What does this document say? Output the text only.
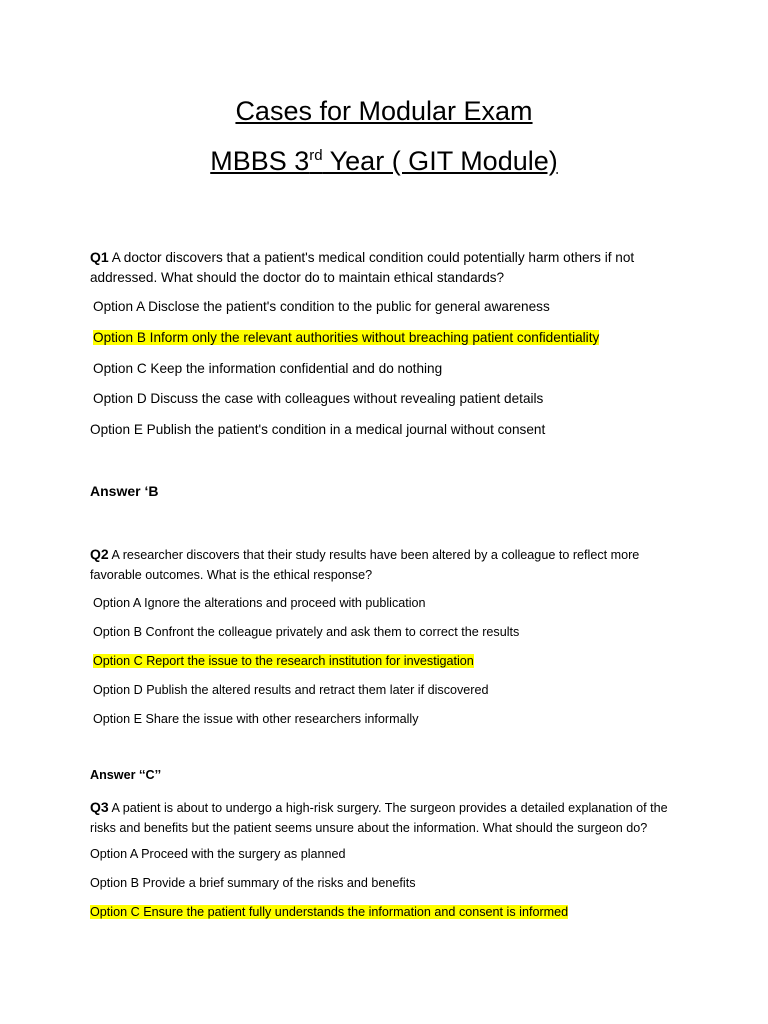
Cases for Modular Exam
MBBS 3rd Year ( GIT Module)
Q1 A doctor discovers that a patient's medical condition could potentially harm others if not addressed. What should the doctor do to maintain ethical standards?
Option A Disclose the patient's condition to the public for general awareness
Option B Inform only the relevant authorities without breaching patient confidentiality
Option C Keep the information confidential and do nothing
Option D Discuss the case with colleagues without revealing patient details
Option E Publish the patient's condition in a medical journal without consent
Answer ‘B
Q2 A researcher discovers that their study results have been altered by a colleague to reflect more favorable outcomes. What is the ethical response?
Option A Ignore the alterations and proceed with publication
Option B Confront the colleague privately and ask them to correct the results
Option C Report the issue to the research institution for investigation
Option D Publish the altered results and retract them later if discovered
Option E Share the issue with other researchers informally
Answer ‘‘C’’
Q3 A patient is about to undergo a high-risk surgery. The surgeon provides a detailed explanation of the risks and benefits but the patient seems unsure about the information. What should the surgeon do?
Option A Proceed with the surgery as planned
Option B Provide a brief summary of the risks and benefits
Option C Ensure the patient fully understands the information and consent is informed
